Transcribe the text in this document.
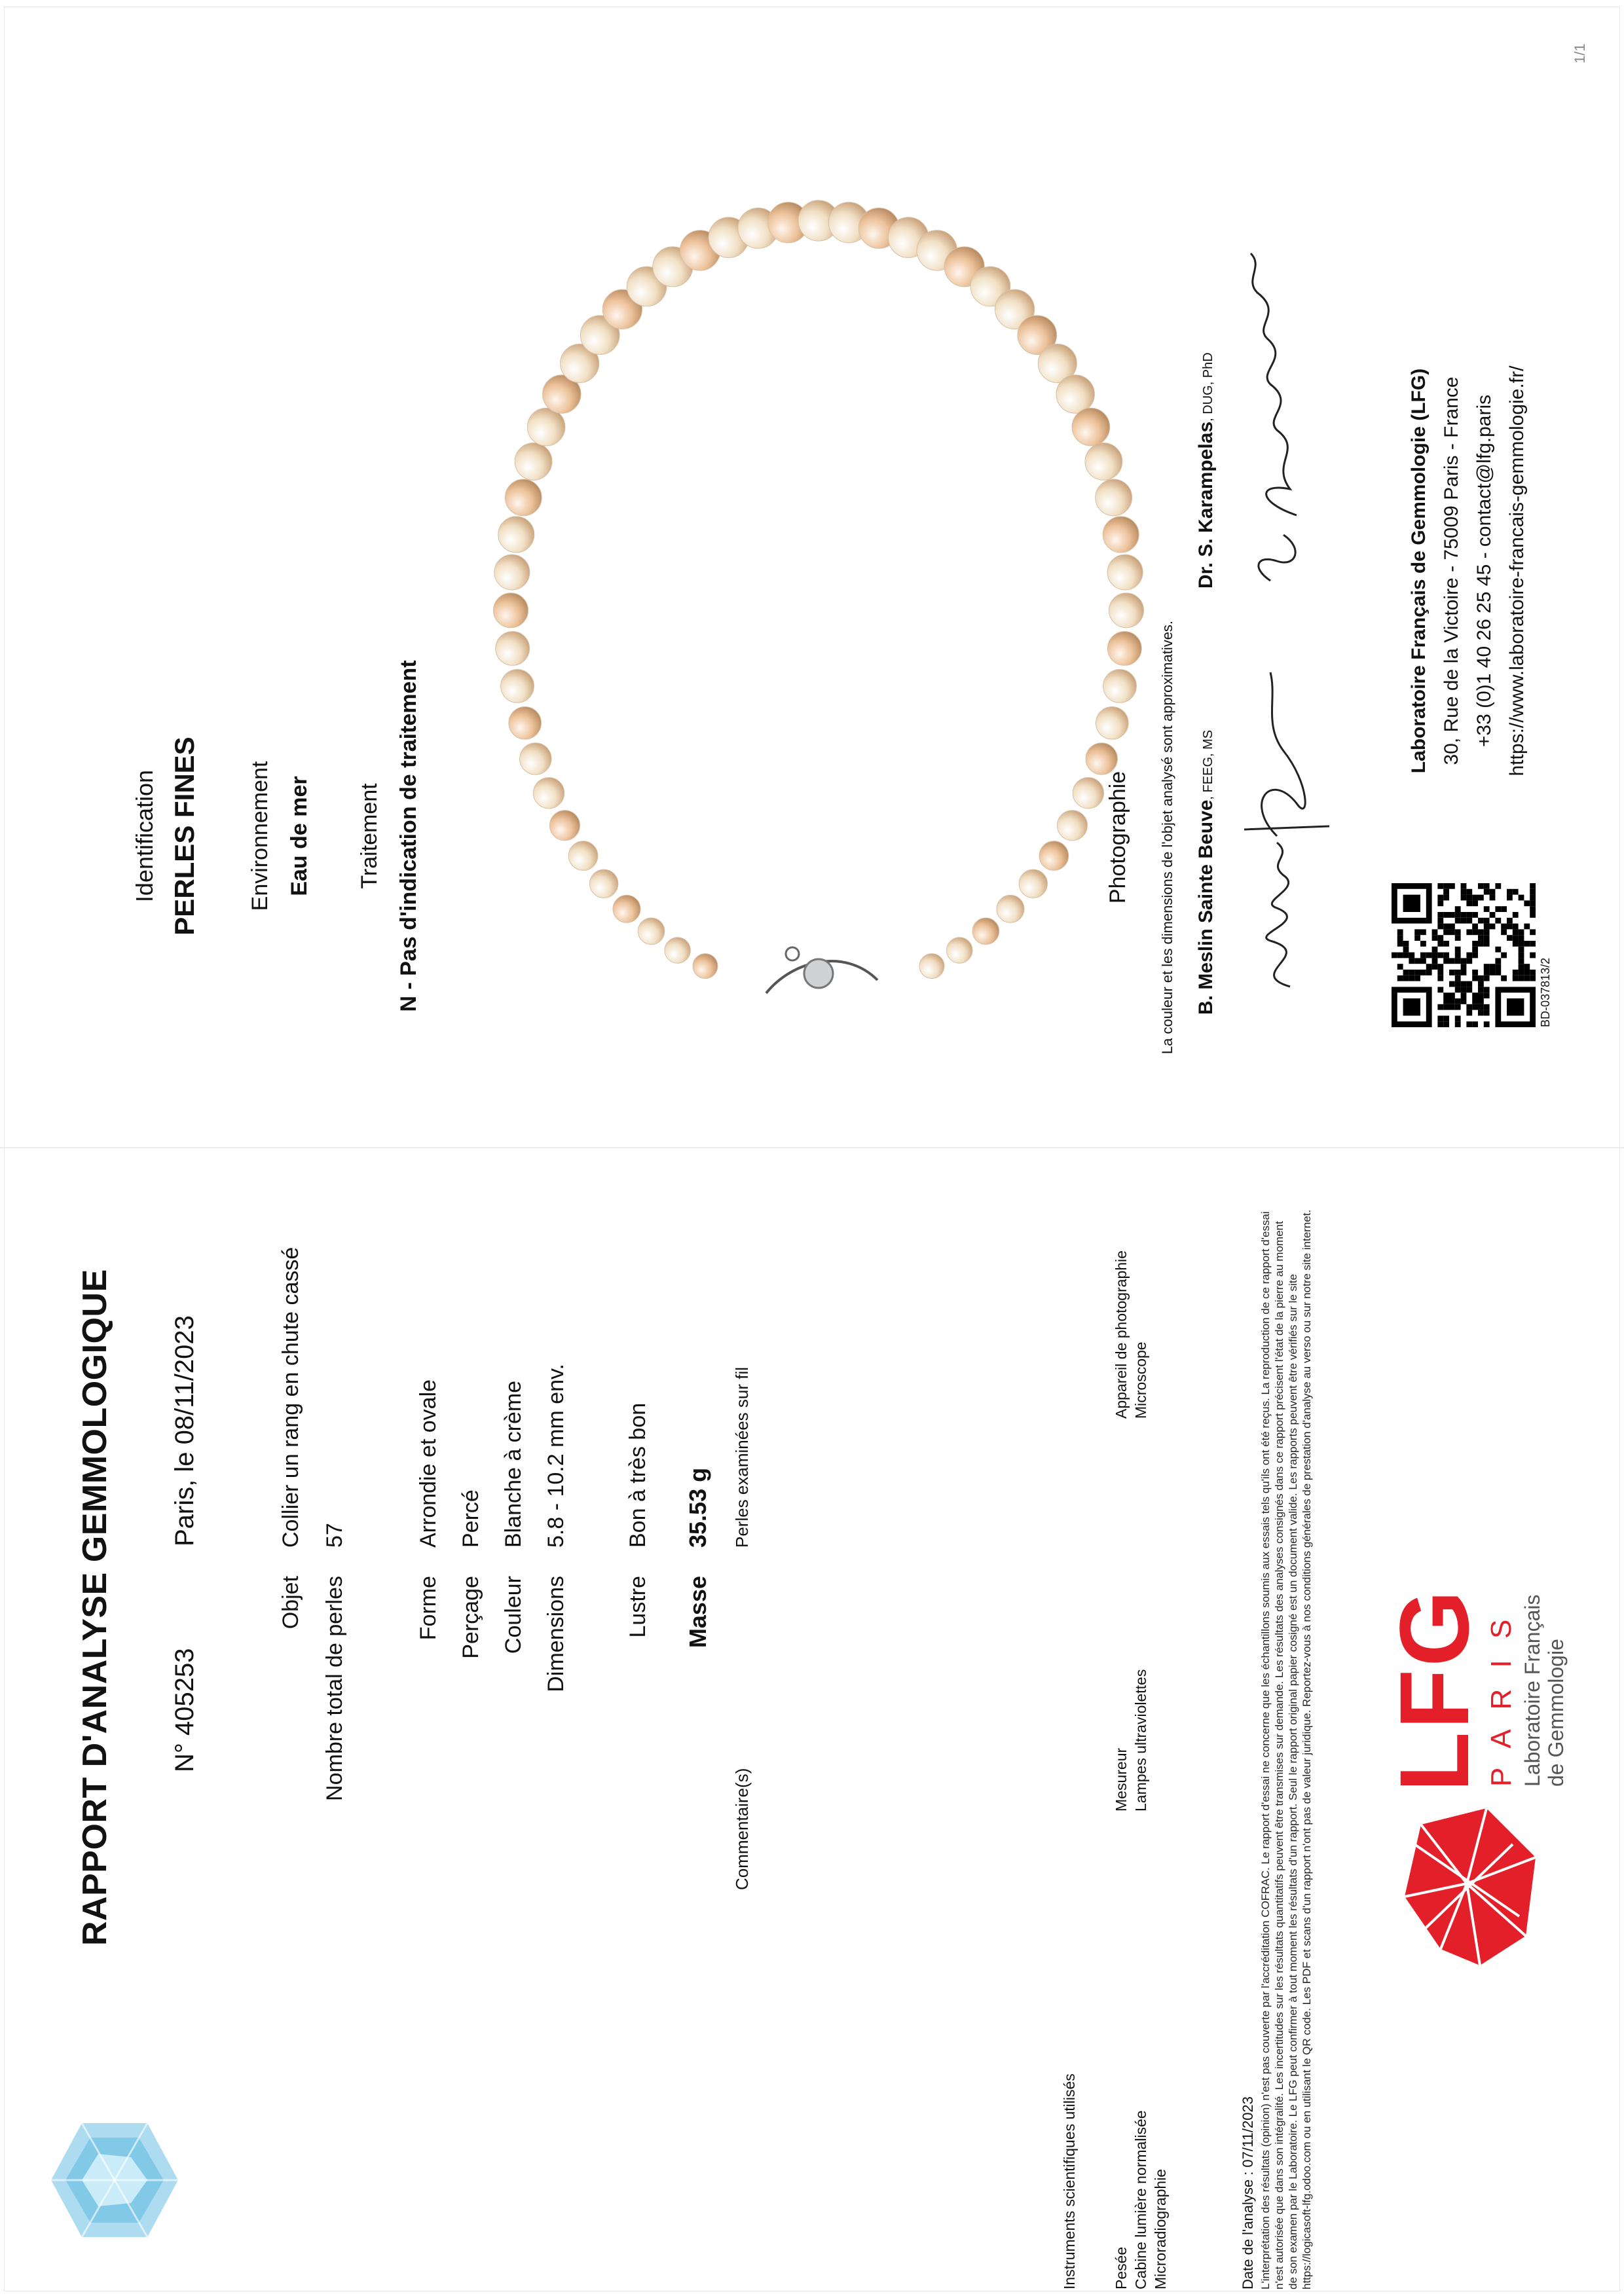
1/1
RAPPORT D'ANALYSE GEMMOLOGIQUE N° 405253
Paris, le 08/11/2023
Objet
Collier un rang en chute cassé
Nombre total de perles
57
Forme
Arrondie et ovale
Perçage
Percé
Couleur
Blanche à crème
Dimensions
5.8 - 10.2 mm env.
Lustre
Bon à très bon
Masse
35.53 g
Commentaire(s)
Perles examinées sur fil
Instruments scientifiques utilisés Pesée Cabine lumière normalisée Microradiographie
Mesureur Lampes ultraviolettes
Appareil de photographie Microscope
Date de l'analyse : 07/11/2023 L'interprétation des résultats (opinion) n'est pas couverte par l'accréditation COFRAC. Le rapport d'essai ne concerne que les échantillons soumis aux essais tels qu'ils ont été reçus. La reproduction de ce rapport d'essai n'est autorisée que dans son intégralité. Les incertitudes sur les résultats quantitatifs peuvent être transmises sur demande. Les résultats des analyses consignés dans ce rapport précisent l'état de la pierre au moment de son examen par le Laboratoire. Le LFG peut confirmer à tout moment les résultats d'un rapport. Seul le rapport original papier cosigné est un document valide. Les rapports peuvent être vérifiés sur le site https://logicasoft-lfg.odoo.com ou en utilisant le QR code. Les PDF et scans d'un rapport n'ont pas de valeur juridique. Reportez-vous à nos conditions générales de prestation d'analyse au verso ou sur notre site internet. LFG
P A R I S Laboratoire Français de Gemmologie
Identification PERLES FINES Environnement Eau de mer Traitement N - Pas d'indication de traitement	Photographie La couleur et les dimensions de l'objet analysé sont approximatives. B. Meslin Sainte Beuve, FEEG, MS
Dr. S. Karampelas, DUG, PhD
BD-037813/2
Laboratoire Français de Gemmologie (LFG) 30, Rue de la Victoire - 75009 Paris - France +33 (0)1 40 26 25 45 - contact@lfg.paris https://www.laboratoire-francais-gemmologie.fr/
